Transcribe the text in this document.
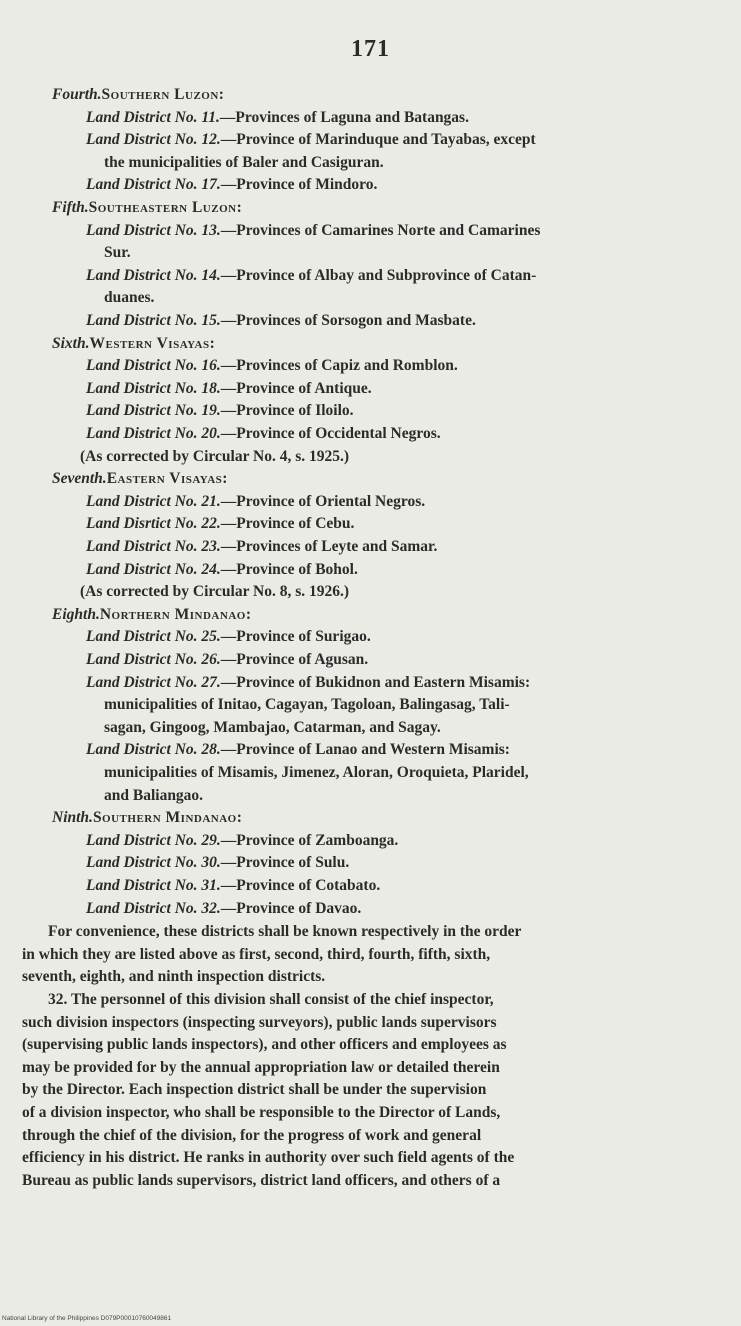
171
Fourth.Southern Luzon:
Land District No. 11.—Provinces of Laguna and Batangas.
Land District No. 12.—Province of Marinduque and Tayabas, except
the municipalities of Baler and Casiguran.
Land District No. 17.—Province of Mindoro.
Fifth.Southeastern Luzon:
Land District No. 13.—Provinces of Camarines Norte and Camarines
Sur.
Land District No. 14.—Province of Albay and Subprovince of Catan-
duanes.
Land District No. 15.—Provinces of Sorsogon and Masbate.
Sixth.Western Visayas:
Land District No. 16.—Provinces of Capiz and Romblon.
Land District No. 18.—Province of Antique.
Land District No. 19.—Province of Iloilo.
Land District No. 20.—Province of Occidental Negros.
(As corrected by Circular No. 4, s. 1925.)
Seventh.Eastern Visayas:
Land District No. 21.—Province of Oriental Negros.
Land Disrtict No. 22.—Province of Cebu.
Land District No. 23.—Provinces of Leyte and Samar.
Land District No. 24.—Province of Bohol.
(As corrected by Circular No. 8, s. 1926.)
Eighth.Northern Mindanao:
Land District No. 25.—Province of Surigao.
Land District No. 26.—Province of Agusan.
Land District No. 27.—Province of Bukidnon and Eastern Misamis:
municipalities of Initao, Cagayan, Tagoloan, Balingasag, Tali-
sagan, Gingoog, Mambajao, Catarman, and Sagay.
Land District No. 28.—Province of Lanao and Western Misamis:
municipalities of Misamis, Jimenez, Aloran, Oroquieta, Plaridel,
and Baliangao.
Ninth.Southern Mindanao:
Land District No. 29.—Province of Zamboanga.
Land District No. 30.—Province of Sulu.
Land District No. 31.—Province of Cotabato.
Land District No. 32.—Province of Davao.
For convenience, these districts shall be known respectively in the order
in which they are listed above as first, second, third, fourth, fifth, sixth,
seventh, eighth, and ninth inspection districts.
32. The personnel of this division shall consist of the chief inspector,
such division inspectors (inspecting surveyors), public lands supervisors
(supervising public lands inspectors), and other officers and employees as
may be provided for by the annual appropriation law or detailed therein
by the Director. Each inspection district shall be under the supervision
of a division inspector, who shall be responsible to the Director of Lands,
through the chief of the division, for the progress of work and general
efficiency in his district. He ranks in authority over such field agents of the
Bureau as public lands supervisors, district land officers, and others of a
National Library of the Philippines D079P00010760049861
